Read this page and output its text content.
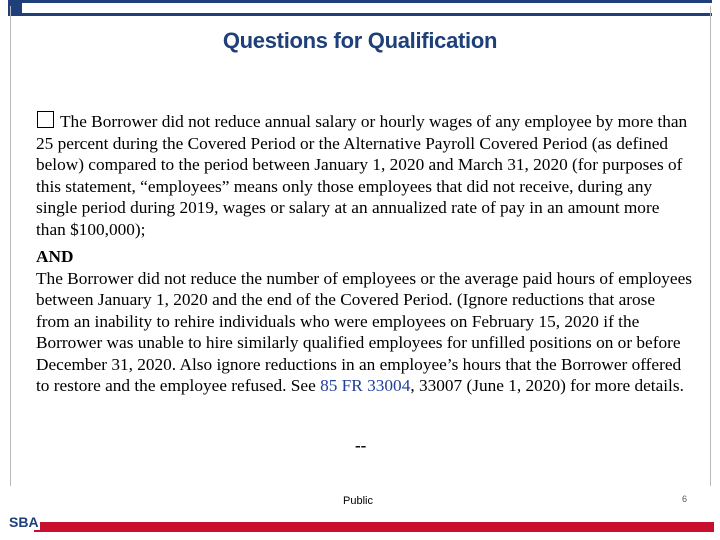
Questions for Qualification

The Borrower did not reduce annual salary or hourly wages of any employee by more than 25 percent during the Covered Period or the Alternative Payroll Covered Period (as defined below) compared to the period between January 1, 2020 and March 31, 2020 (for purposes of this statement, “employees” means only those employees that did not receive, during any single period during 2019, wages or salary at an annualized rate of pay in an amount more than $100,000);

AND

The Borrower did not reduce the number of employees or the average paid hours of employees between January 1, 2020 and the end of the Covered Period. (Ignore reductions that arose from an inability to rehire individuals who were employees on February 15, 2020 if the Borrower was unable to hire similarly qualified employees for unfilled positions on or before December 31, 2020. Also ignore reductions in an employee’s hours that the Borrower offered to restore and the employee refused. See 85 FR 33004, 33007 (June 1, 2020) for more details.

--
Public	6
SBA
